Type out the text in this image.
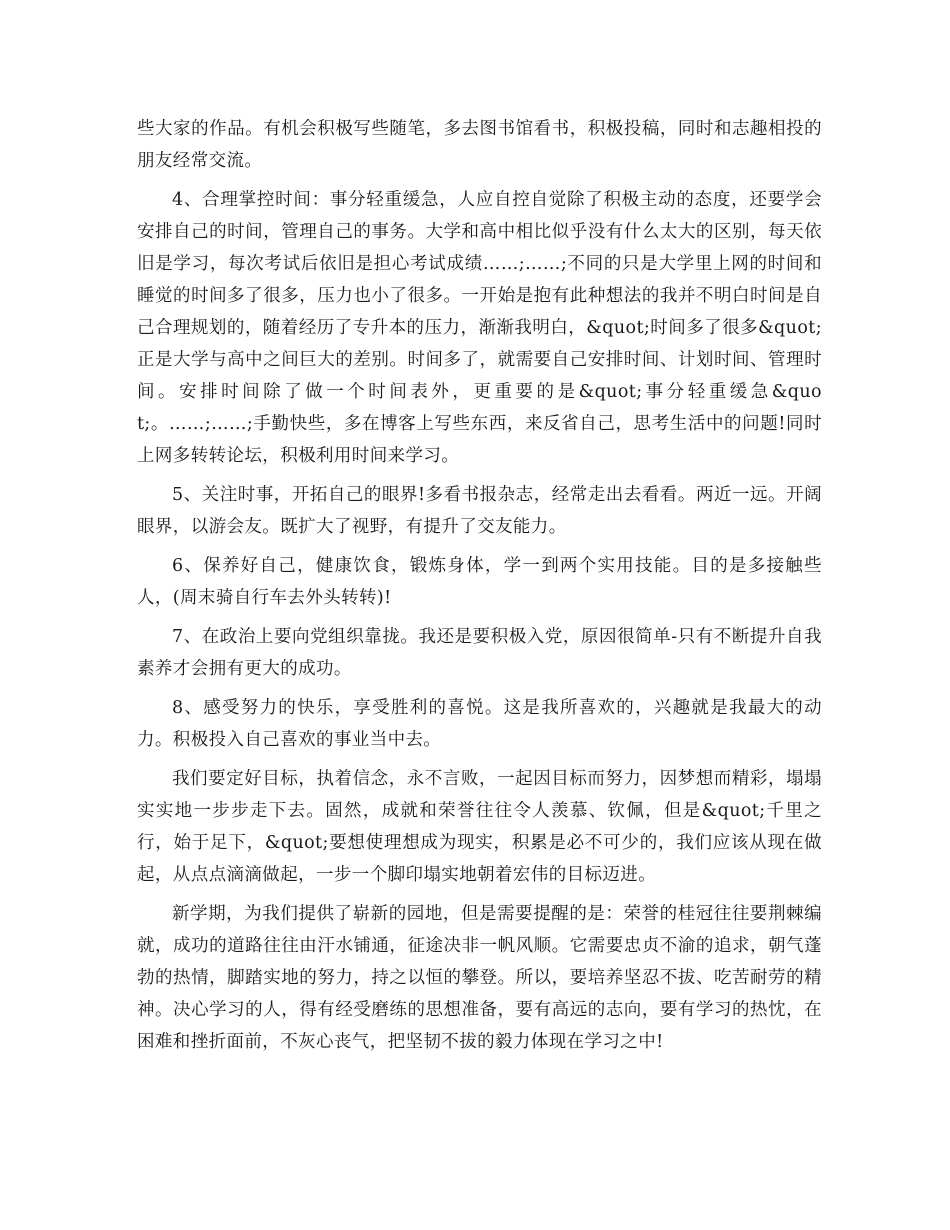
些大家的作品。有机会积极写些随笔，多去图书馆看书，积极投稿，同时和志趣相投的朋友经常交流。

4、合理掌控时间：事分轻重缓急，人应自控自觉除了积极主动的态度，还要学会安排自己的时间，管理自己的事务。大学和高中相比似乎没有什么太大的区别，每天依旧是学习，每次考试后依旧是担心考试成绩……;……;不同的只是大学里上网的时间和睡觉的时间多了很多，压力也小了很多。一开始是抱有此种想法的我并不明白时间是自己合理规划的，随着经历了专升本的压力，渐渐我明白，&quot;时间多了很多&quot;正是大学与高中之间巨大的差别。时间多了，就需要自己安排时间、计划时间、管理时间。安排时间除了做一个时间表外，更重要的是&quot;事分轻重缓急&quot;。……;……;手勤快些，多在博客上写些东西，来反省自己，思考生活中的问题!同时上网多转转论坛，积极利用时间来学习。

5、关注时事，开拓自己的眼界!多看书报杂志，经常走出去看看。两近一远。开阔眼界，以游会友。既扩大了视野，有提升了交友能力。

6、保养好自己，健康饮食，锻炼身体，学一到两个实用技能。目的是多接触些人，(周末骑自行车去外头转转)!

7、在政治上要向党组织靠拢。我还是要积极入党，原因很简单-只有不断提升自我素养才会拥有更大的成功。

8、感受努力的快乐，享受胜利的喜悦。这是我所喜欢的，兴趣就是我最大的动力。积极投入自己喜欢的事业当中去。

我们要定好目标，执着信念，永不言败，一起因目标而努力，因梦想而精彩，塌塌实实地一步步走下去。固然，成就和荣誉往往令人羡慕、钦佩，但是&quot;千里之行，始于足下，&quot;要想使理想成为现实，积累是必不可少的，我们应该从现在做起，从点点滴滴做起，一步一个脚印塌实地朝着宏伟的目标迈进。

新学期，为我们提供了崭新的园地，但是需要提醒的是：荣誉的桂冠往往要荆棘编就，成功的道路往往由汗水铺通，征途决非一帆风顺。它需要忠贞不渝的追求，朝气蓬勃的热情，脚踏实地的努力，持之以恒的攀登。所以，要培养坚忍不拔、吃苦耐劳的精神。决心学习的人，得有经受磨练的思想准备，要有高远的志向，要有学习的热忱，在困难和挫折面前，不灰心丧气，把坚韧不拔的毅力体现在学习之中!
